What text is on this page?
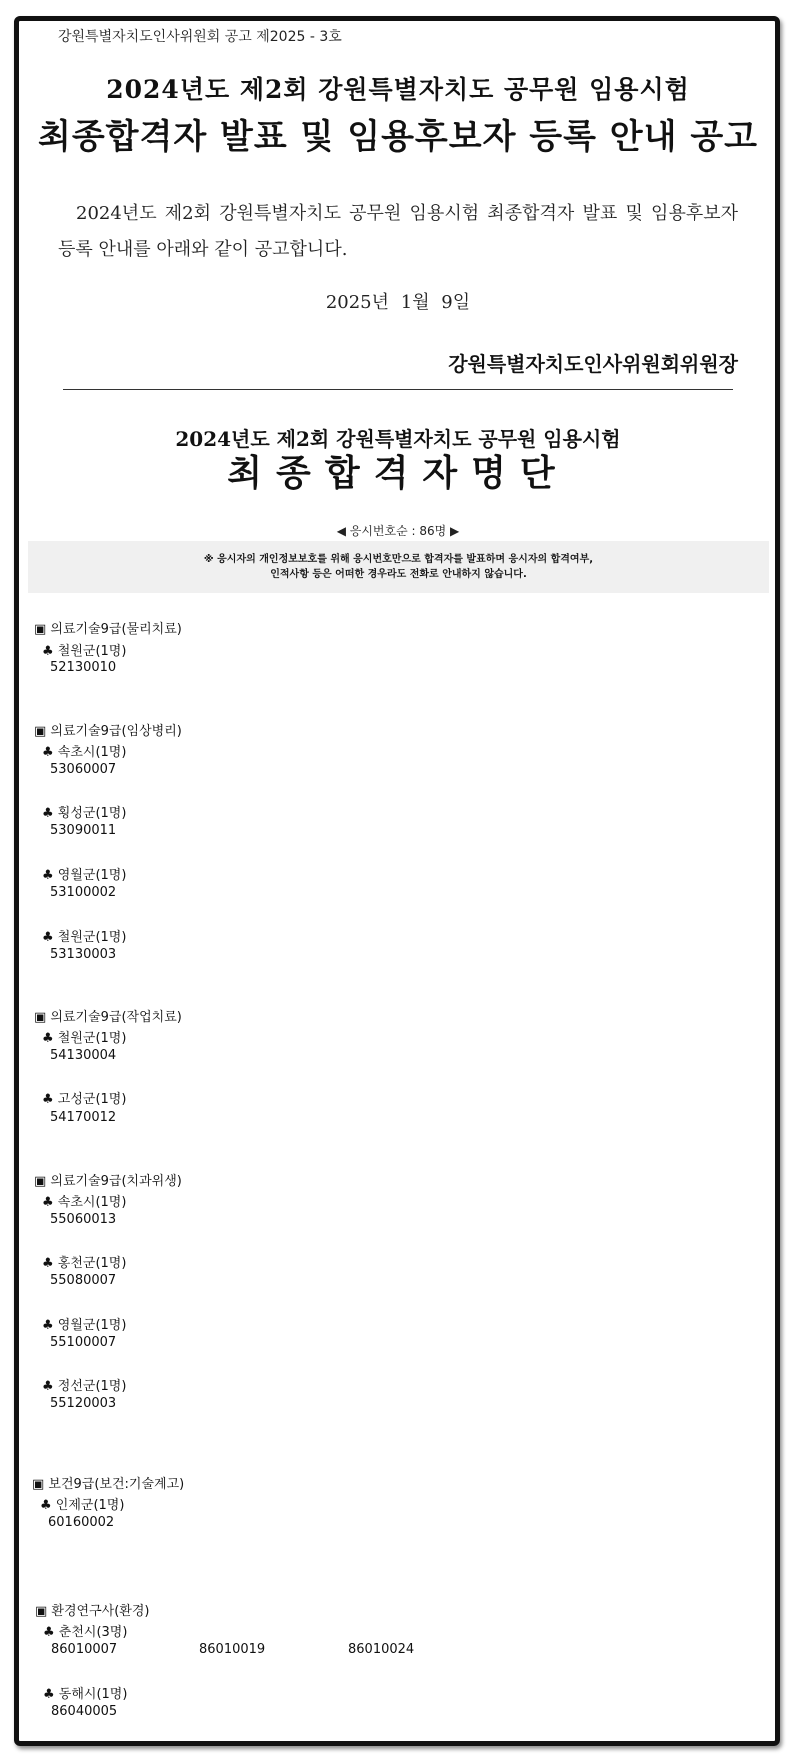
강원특별자치도인사위원회 공고 제2025 - 3호
2024년도 제2회 강원특별자치도 공무원 임용시험
최종합격자 발표 및 임용후보자 등록 안내 공고
2024년도 제2회 강원특별자치도 공무원 임용시험 최종합격자 발표 및 임용후보자 등록 안내를 아래와 같이 공고합니다.
2025년 1월 9일
강원특별자치도인사위원회위원장
2024년도 제2회 강원특별자치도 공무원 임용시험
최종합격자명단
◀ 응시번호순 : 86명 ▶
※ 응시자의 개인정보보호를 위해 응시번호만으로 합격자를 발표하며 응시자의 합격여부,
인적사항 등은 어떠한 경우라도 전화로 안내하지 않습니다.
▣ 의료기술9급(물리치료)
♣ 철원군(1명)
52130010
▣ 의료기술9급(임상병리)
♣ 속초시(1명)
53060007
♣ 횡성군(1명)
53090011
♣ 영월군(1명)
53100002
♣ 철원군(1명)
53130003
▣ 의료기술9급(작업치료)
♣ 철원군(1명)
54130004
♣ 고성군(1명)
54170012
▣ 의료기술9급(치과위생)
♣ 속초시(1명)
55060013
♣ 홍천군(1명)
55080007
♣ 영월군(1명)
55100007
♣ 정선군(1명)
55120003
▣ 보건9급(보건:기술계고)
♣ 인제군(1명)
60160002
▣ 환경연구사(환경)
♣ 춘천시(3명)
86010007	86010019	86010024
♣ 동해시(1명)
86040005
